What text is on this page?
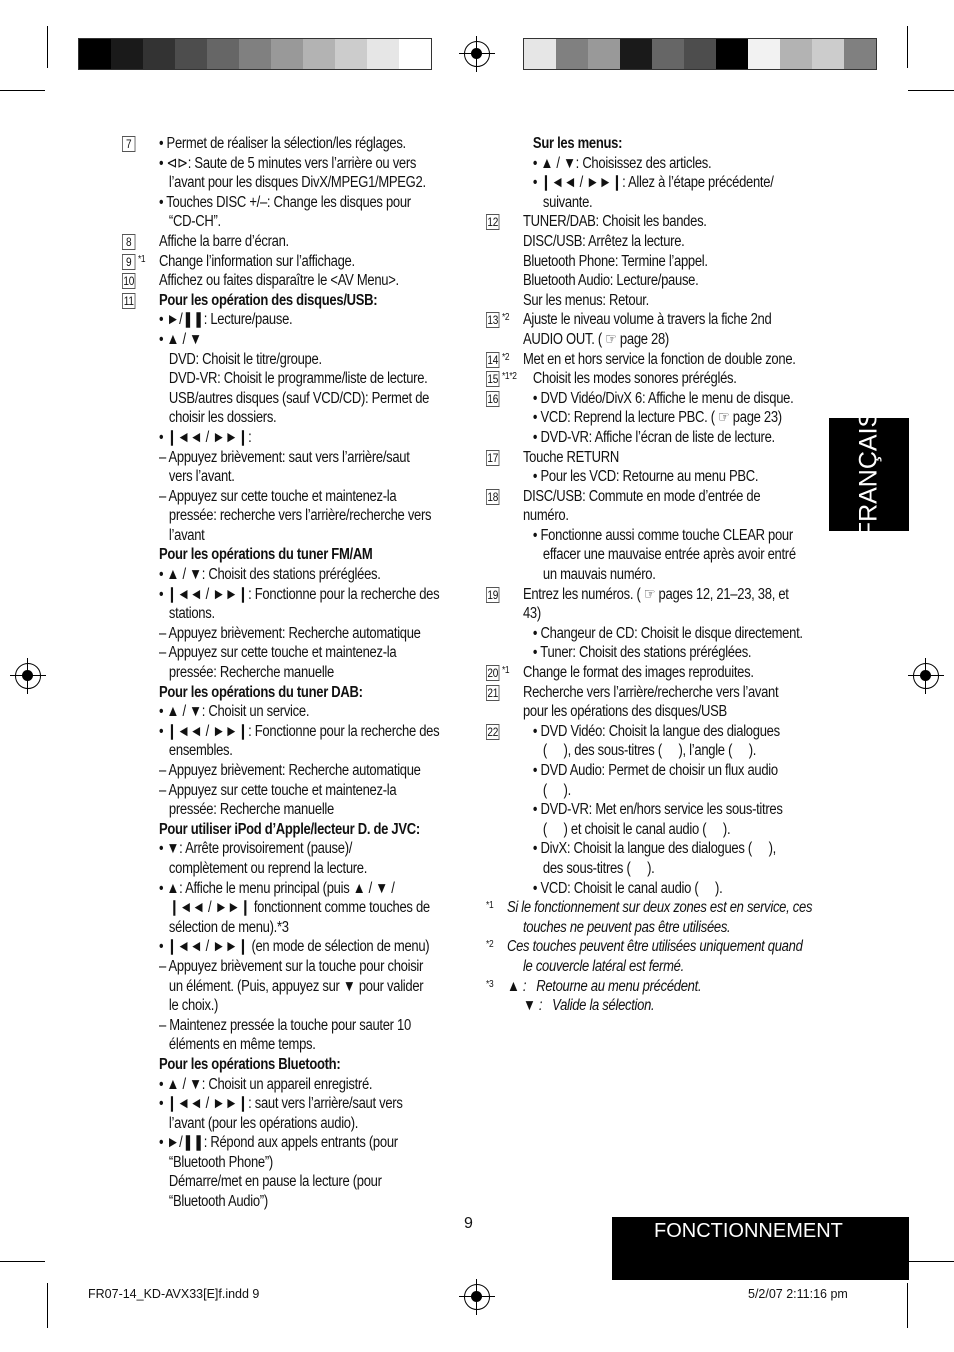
7 • Permet de réaliser la sélection/les réglages.
• ⊲⊳: Saute de 5 minutes vers l’arrière ou vers
l’avant pour les disques DivX/MPEG1/MPEG2.
• Touches DISC +/–: Change les disques pour
“CD-CH”.
8 Affiche la barre d’écran.
9 *1 Change l’information sur l’affichage.
10 Affichez ou faites disparaître le <AV Menu>.
11 Pour les opération des disques/USB:
• ►/❚❚: Lecture/pause.
• ▲ / ▼
DVD: Choisit le titre/groupe.
DVD-VR: Choisit le programme/liste de lecture.
USB/autres disques (sauf VCD/CD): Permet de
choisir les dossiers.
• ❙◄◄ / ►►❙:
– Appuyez brièvement: saut vers l’arrière/saut
vers l’avant.
– Appuyez sur cette touche et maintenez-la
pressée: recherche vers l’arrière/recherche vers
l’avant
Pour les opérations du tuner FM/AM
• ▲ / ▼: Choisit des stations préréglées.
• ❙◄◄ / ►►❙: Fonctionne pour la recherche des
stations.
– Appuyez brièvement: Recherche automatique
– Appuyez sur cette touche et maintenez-la
pressée: Recherche manuelle
Pour les opérations du tuner DAB:
• ▲ / ▼: Choisit un service.
• ❙◄◄ / ►►❙: Fonctionne pour la recherche des
ensembles.
– Appuyez brièvement: Recherche automatique
– Appuyez sur cette touche et maintenez-la
pressée: Recherche manuelle
Pour utiliser iPod d’Apple/lecteur D. de JVC:
• ▼: Arrête provisoirement (pause)/
complètement ou reprend la lecture.
• ▲: Affiche le menu principal (puis ▲ / ▼ /
❙◄◄ / ►►❙ fonctionnent comme touches de
sélection de menu).*3
• ❙◄◄ / ►►❙ (en mode de sélection de menu)
– Appuyez brièvement sur la touche pour choisir
un élément. (Puis, appuyez sur ▼ pour valider
le choix.)
– Maintenez pressée la touche pour sauter 10
éléments en même temps.
Pour les opérations Bluetooth:
• ▲ / ▼: Choisit un appareil enregistré.
• ❙◄◄ / ►►❙: saut vers l’arrière/saut vers
l’avant (pour les opérations audio).
• ►/❚❚: Répond aux appels entrants (pour
“Bluetooth Phone”)
Démarre/met en pause la lecture (pour
“Bluetooth Audio”)
Sur les menus:
• ▲ / ▼: Choisissez des articles.
• ❙◄◄ / ►►❙: Allez à l’étape précédente/
suivante.
12 TUNER/DAB: Choisit les bandes.
DISC/USB: Arrêtez la lecture.
Bluetooth Phone: Termine l’appel.
Bluetooth Audio: Lecture/pause.
Sur les menus: Retour.
13 *2 Ajuste le niveau volume à travers la fiche 2nd
AUDIO OUT. ( ☞ page 28)
14 *2 Met en et hors service la fonction de double zone.
15 *1*2 Choisit les modes sonores préréglés.
16 • DVD Vidéo/DivX 6: Affiche le menu de disque.
• VCD: Reprend la lecture PBC. ( ☞ page 23)
• DVD-VR: Affiche l’écran de liste de lecture.
17 Touche RETURN
• Pour les VCD: Retourne au menu PBC.
18 DISC/USB: Commute en mode d’entrée de
numéro.
• Fonctionne aussi comme touche CLEAR pour
effacer une mauvaise entrée après avoir entré
un mauvais numéro.
19 Entrez les numéros. ( ☞ pages 12, 21–23, 38, et
43)
• Changeur de CD: Choisit le disque directement.
• Tuner: Choisit des stations préréglées.
20 *1 Change le format des images reproduites.
21 Recherche vers l’arrière/recherche vers l’avant
pour les opérations des disques/USB
22 • DVD Vidéo: Choisit la langue des dialogues
(     ), des sous-titres (     ), l’angle (     ).
• DVD Audio: Permet de choisir un flux audio
(     ).
• DVD-VR: Met en/hors service les sous-titres
(     ) et choisit le canal audio (     ).
• DivX: Choisit la langue des dialogues (     ),
des sous-titres (     ).
• VCD: Choisit le canal audio (     ).
*1 Si le fonctionnement sur deux zones est en service, ces
touches ne peuvent pas être utilisées.
*2 Ces touches peuvent être utilisées uniquement quand
le couvercle latéral est fermé.
*3 ▲ :   Retourne au menu précédent.
▼ :   Valide la sélection.
FRANÇAIS
FONCTIONNEMENT
9
FR07-14_KD-AVX33[E]f.indd 9	5/2/07 2:11:16 pm
